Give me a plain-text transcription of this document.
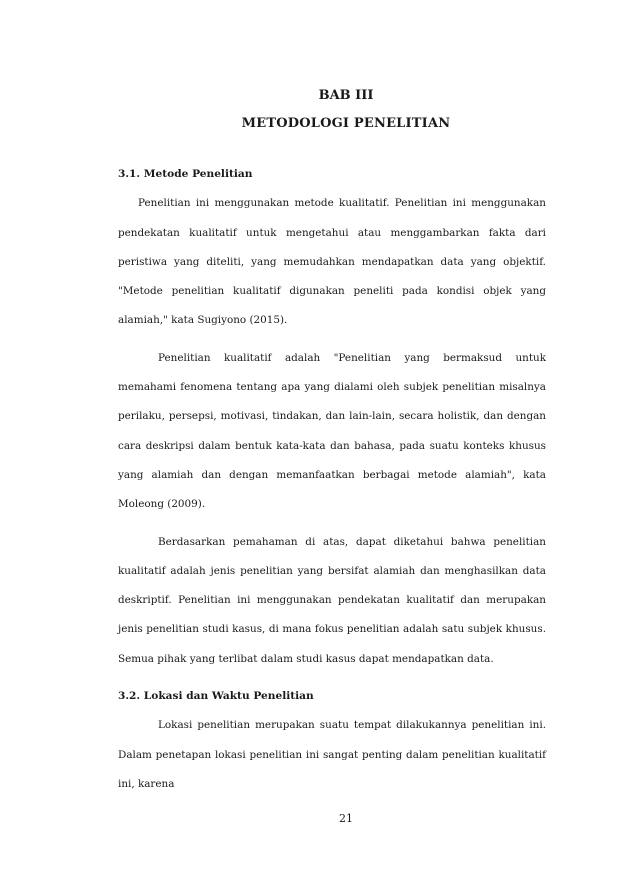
BAB III
METODOLOGI PENELITIAN
3.1. Metode Penelitian

Penelitian ini menggunakan metode kualitatif. Penelitian ini menggunakan pendekatan kualitatif untuk mengetahui atau menggambarkan fakta dari peristiwa yang diteliti, yang memudahkan mendapatkan data yang objektif. "Metode penelitian kualitatif digunakan peneliti pada kondisi objek yang alamiah," kata Sugiyono (2015).

Penelitian kualitatif adalah "Penelitian yang bermaksud untuk memahami fenomena tentang apa yang dialami oleh subjek penelitian misalnya perilaku, persepsi, motivasi, tindakan, dan lain-lain, secara holistik, dan dengan cara deskripsi dalam bentuk kata-kata dan bahasa, pada suatu konteks khusus yang alamiah dan dengan memanfaatkan berbagai metode alamiah", kata Moleong (2009).

Berdasarkan pemahaman di atas, dapat diketahui bahwa penelitian kualitatif adalah jenis penelitian yang bersifat alamiah dan menghasilkan data deskriptif. Penelitian ini menggunakan pendekatan kualitatif dan merupakan jenis penelitian studi kasus, di mana fokus penelitian adalah satu subjek khusus. Semua pihak yang terlibat dalam studi kasus dapat mendapatkan data.

3.2. Lokasi dan Waktu Penelitian

Lokasi penelitian merupakan suatu tempat dilakukannya penelitian ini. Dalam penetapan lokasi penelitian ini sangat penting dalam penelitian kualitatif ini, karena

21
